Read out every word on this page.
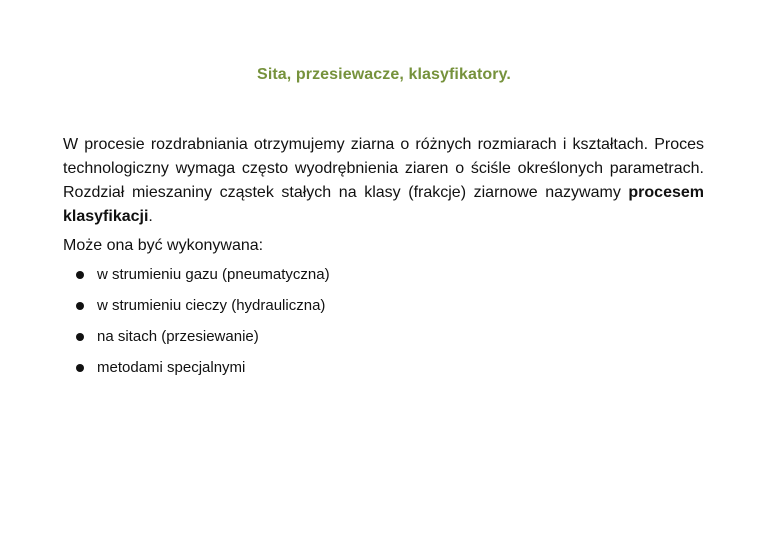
Sita, przesiewacze, klasyfikatory.

W procesie rozdrabniania otrzymujemy ziarna o różnych rozmiarach i kształtach. Proces technologiczny wymaga często wyodrębnienia ziaren o ściśle określonych parametrach. Rozdział mieszaniny cząstek stałych na klasy (frakcje) ziarnowe nazywamy procesem klasyfikacji.

Może ona być wykonywana:

w strumieniu gazu (pneumatyczna)
w strumieniu cieczy (hydrauliczna)
na sitach (przesiewanie)
metodami specjalnymi
